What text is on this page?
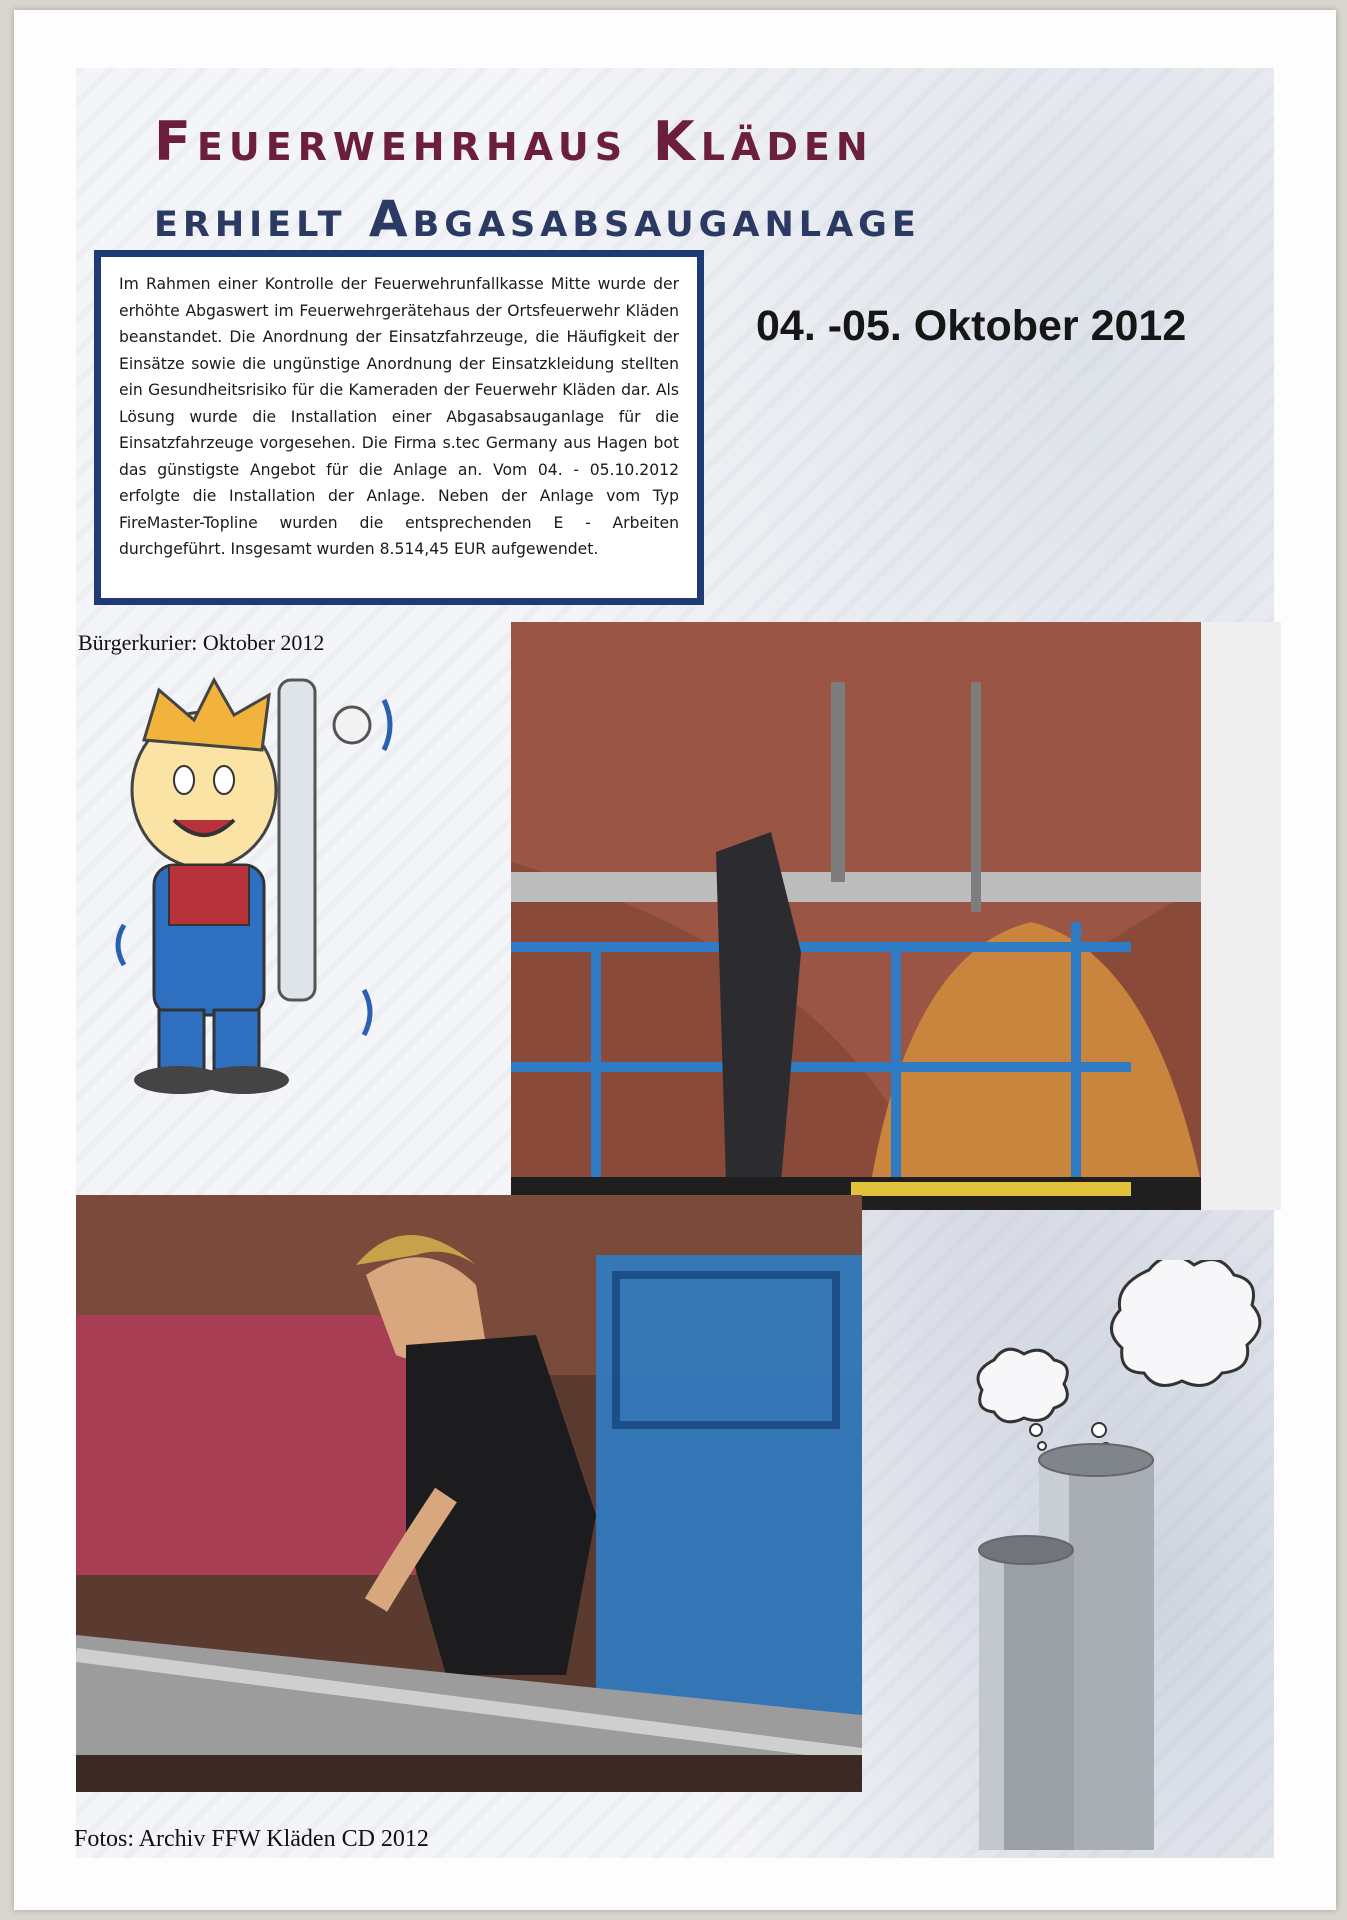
Feuerwehrhaus Kläden
erhielt Abgasabsauganlage

Im Rahmen einer Kontrolle der Feuerwehrunfallkasse Mitte wurde der erhöhte Abgaswert im Feuerwehrgerätehaus der Ortsfeuerwehr Kläden beanstandet. Die Anordnung der Einsatzfahrzeuge, die Häufigkeit der Einsätze sowie die ungünstige Anordnung der Einsatzkleidung stellten ein Gesundheitsrisiko für die Kameraden der Feuerwehr Kläden dar. Als Lösung wurde die Installation einer Abgasabsauganlage für die Einsatzfahrzeuge vorgesehen. Die Firma s.tec Germany aus Hagen bot das günstigste Angebot für die Anlage an. Vom 04. - 05.10.2012 erfolgte die Installation der Anlage. Neben der Anlage vom Typ FireMaster-Topline wurden die entsprechenden E - Arbeiten durchgeführt. Insgesamt wurden 8.514,45 EUR aufgewendet.

04. -05. Oktober 2012
Bürgerkurier: Oktober 2012
Fotos: Archiv FFW Kläden CD 2012
